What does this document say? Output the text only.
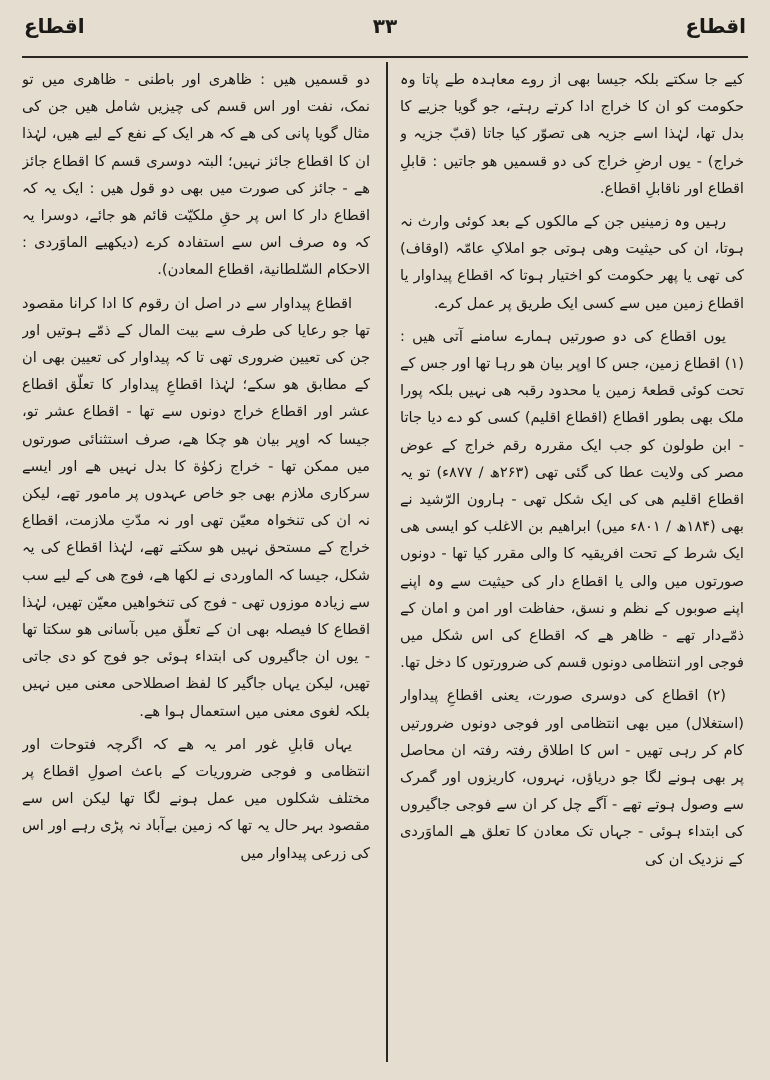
اقطاع
۳۳
اقطاع

کیے جا سکتے بلکہ جیسا بھی از روے معاہدہ طے پاتا وہ حکومت کو ان کا خراج ادا کرتے رہتے، جو گویا جزیے کا بدل تھا، لہٰذا اسے جزیہ ھی تصوّر کیا جاتا (قبّ جزیہ و خراج) - یوں ارضِ خراج کی دو قسمیں ھو جاتیں : قابلِ اقطاع اور ناقابلِ اقطاع.

رہیں وہ زمینیں جن کے مالکوں کے بعد کوئی وارث نہ ہوتا، ان کی حیثیت وھی ہوتی جو املاکِ عامّہ (اوقاف) کی تھی یا پھر حکومت کو اختیار ہوتا کہ اقطاع پیداوار یا اقطاع زمین میں سے کسی ایک طریق پر عمل کرے.

یوں اقطاع کی دو صورتیں ہمارے سامنے آتی ھیں : (۱) اقطاع زمین، جس کا اوپر بیان ھو رہا تھا اور جس کے تحت کوئی قطعۂ زمین یا محدود رقبہ ھی نہیں بلکہ پورا ملک بھی بطور اقطاع (اقطاع اقلیم) کسی کو دے دیا جاتا - ابن طولون کو جب ایک مقررہ رقم خراج کے عوض مصر کی ولایت عطا کی گئی تھی (۲۶۳ھ / ۸۷۷ء) تو یہ اقطاع اقلیم ھی کی ایک شکل تھی - ہارون الرّشید نے بھی (۱۸۴ھ / ۸۰۱ء میں) ابراھیم بن الاغلب کو ایسی ھی ایک شرط کے تحت افریقیہ کا والی مقرر کیا تھا - دونوں صورتوں میں والی یا اقطاع دار کی حیثیت سے وہ اپنے اپنے صوبوں کے نظم و نسق، حفاظت اور امن و امان کے ذمّےدار تھے - ظاھر ھے کہ اقطاع کی اس شکل میں فوجی اور انتظامی دونوں قسم کی ضرورتوں کا دخل تھا.

(۲) اقطاع کی دوسری صورت، یعنی اقطاعِ پیداوار (استغلال) میں بھی انتظامی اور فوجی دونوں ضرورتیں کام کر رہی تھیں - اس کا اطلاق رفتہ رفتہ ان محاصل پر بھی ہونے لگا جو دریاؤں، نہروں، کاریزوں اور گمرک سے وصول ہوتے تھے - آگے چل کر ان سے فوجی جاگیروں کی ابتداء ہوئی - جہاں تک معادن کا تعلق ھے الماوَردی کے نزدیک ان کی

دو قسمیں ھیں : ظاھری اور باطنی - ظاھری میں تو نمک، نفت اور اس قسم کی چیزیں شامل ھیں جن کی مثال گویا پانی کی ھے کہ ھر ایک کے نفع کے لیے ھیں، لہٰذا ان کا اقطاع جائز نہیں؛ البتہ دوسری قسم کا اقطاع جائز ھے - جائز کی صورت میں بھی دو قول ھیں : ایک یہ کہ اقطاع دار کا اس پر حقِ ملکیّت قائم ھو جائے، دوسرا یہ کہ وہ صرف اس سے استفادہ کرے (دیکھیے الماوَردی : الاحکام السّلطانیة، اقطاع المعادن).

اقطاع پیداوار سے در اصل ان رقوم کا ادا کرانا مقصود تھا جو رعایا کی طرف سے بیت المال کے ذمّے ہوتیں اور جن کی تعیین ضروری تھی تا کہ پیداوار کی تعیین بھی ان کے مطابق ھو سکے؛ لہٰذا اقطاعِ پیداوار کا تعلّق اقطاع عشر اور اقطاع خراج دونوں سے تھا - اقطاع عشر تو، جیسا کہ اوپر بیان ھو چکا ھے، صرف استثنائی صورتوں میں ممکن تھا - خراج زکوٰة کا بدل نہیں ھے اور ایسے سرکاری ملازم بھی جو خاص عہدوں پر مامور تھے، لیکن نہ ان کی تنخواہ معیّن تھی اور نہ مدّتِ ملازمت، اقطاع خراج کے مستحق نہیں ھو سکتے تھے، لہٰذا اقطاع کی یہ شکل، جیسا کہ الماوردی نے لکھا ھے، فوج ھی کے لیے سب سے زیادہ موزوں تھی - فوج کی تنخواھیں معیّن تھیں، لہٰذا اقطاع کا فیصلہ بھی ان کے تعلّق میں بآسانی ھو سکتا تھا - یوں ان جاگیروں کی ابتداء ہوئی جو فوج کو دی جاتی تھیں، لیکن یہاں جاگیر کا لفظ اصطلاحی معنی میں نہیں بلکہ لغوی معنی میں استعمال ہوا ھے.

یہاں قابلِ غور امر یہ ھے کہ اگرچہ فتوحات اور انتظامی و فوجی ضروریات کے باعث اصولِ اقطاع پر مختلف شکلوں میں عمل ہونے لگا تھا لیکن اس سے مقصود بہر حال یہ تھا کہ زمین بےآباد نہ پڑی رہے اور اس کی زرعی پیداوار میں
